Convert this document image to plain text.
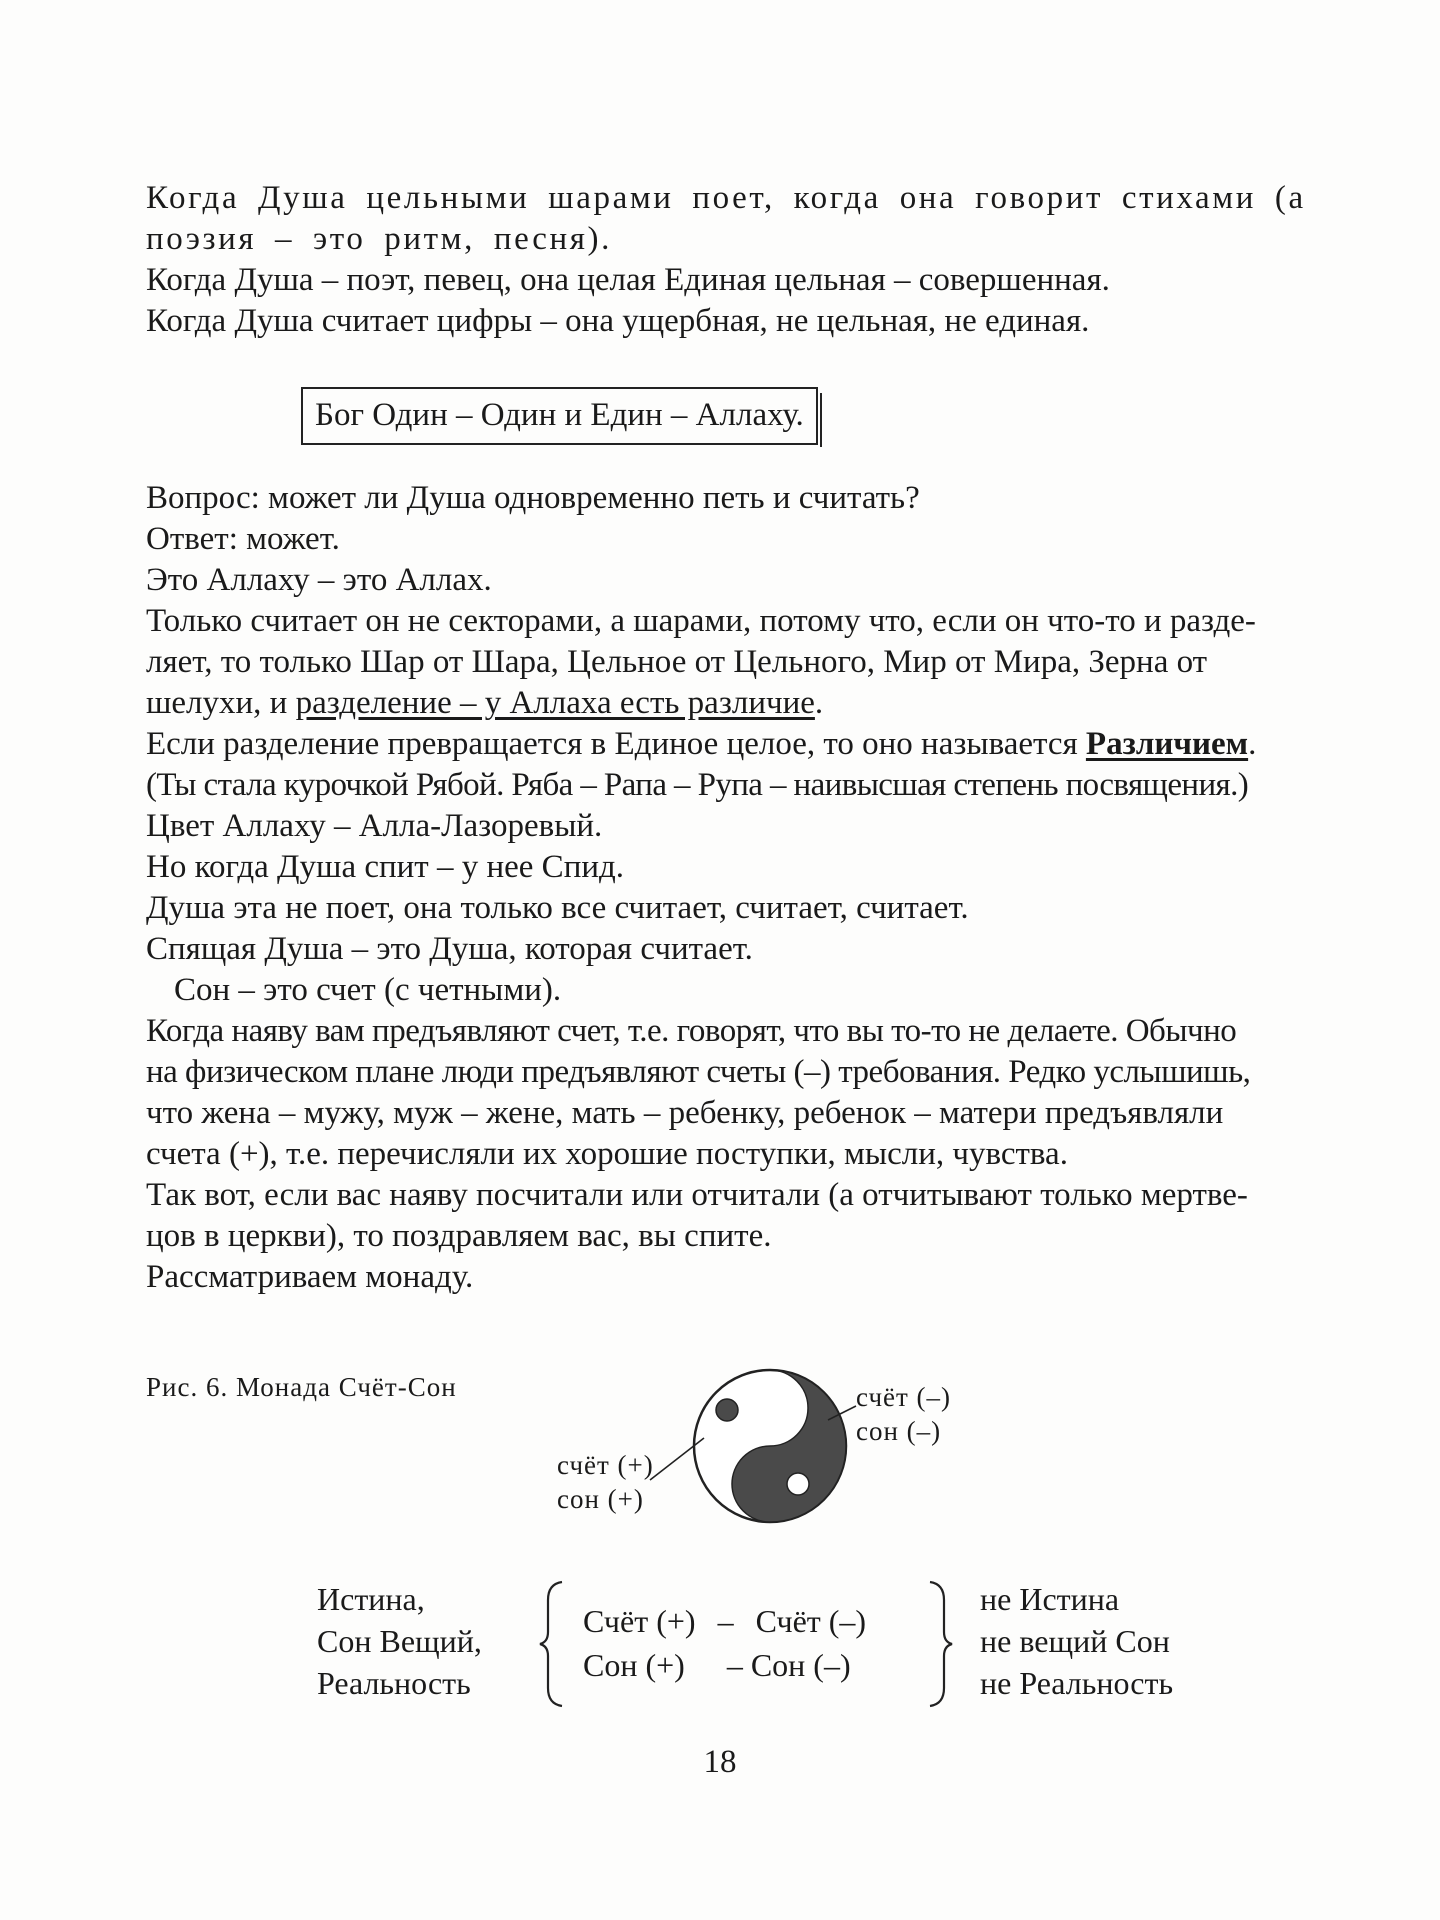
Когда Душа цельными шарами поет, когда она говорит стихами (а
поэзия – это ритм, песня).
Когда Душа – поэт, певец, она целая Единая цельная – совершенная.
Когда Душа считает цифры – она ущербная, не цельная, не единая.
Бог Один – Один и Един – Аллаху.
Вопрос: может ли Душа одновременно петь и считать?
Ответ: может.
Это Аллаху – это Аллах.
Только считает он не секторами, а шарами, потому что, если он что-то и разде-
ляет, то только Шар от Шара, Цельное от Цельного, Мир от Мира, Зерна от
шелухи, и разделение – у Аллаха есть различие.
Если разделение превращается в Единое целое, то оно называется Различием.
(Ты стала курочкой Рябой. Ряба – Рапа – Рупа – наивысшая степень посвящения.)
Цвет Аллаху – Алла-Лазоревый.
Но когда Душа спит – у нее Спид.
Душа эта не поет, она только все считает, считает, считает.
Спящая Душа – это Душа, которая считает.
Сон – это счет (с четными).
Когда наяву вам предъявляют счет, т.е. говорят, что вы то-то не делаете. Обычно
на физическом плане люди предъявляют счеты (–) требования. Редко услышишь,
что жена – мужу, муж – жене, мать – ребенку, ребенок – матери предъявляли
счета (+), т.е. перечисляли их хорошие поступки, мысли, чувства.
Так вот, если вас наяву посчитали или отчитали (а отчитывают только мертве-
цов в церкви), то поздравляем вас, вы спите.
Рассматриваем монаду.
Рис. 6. Монада Счёт-Сон	счёт (–)
сон (–)
счёт (+)
сон (+)
Истина,
Сон Вещий,
Реальность
Счёт (+) – Счёт (–)
Сон (+) – Сон (–)
не Истина
не вещий Сон
не Реальность
18
